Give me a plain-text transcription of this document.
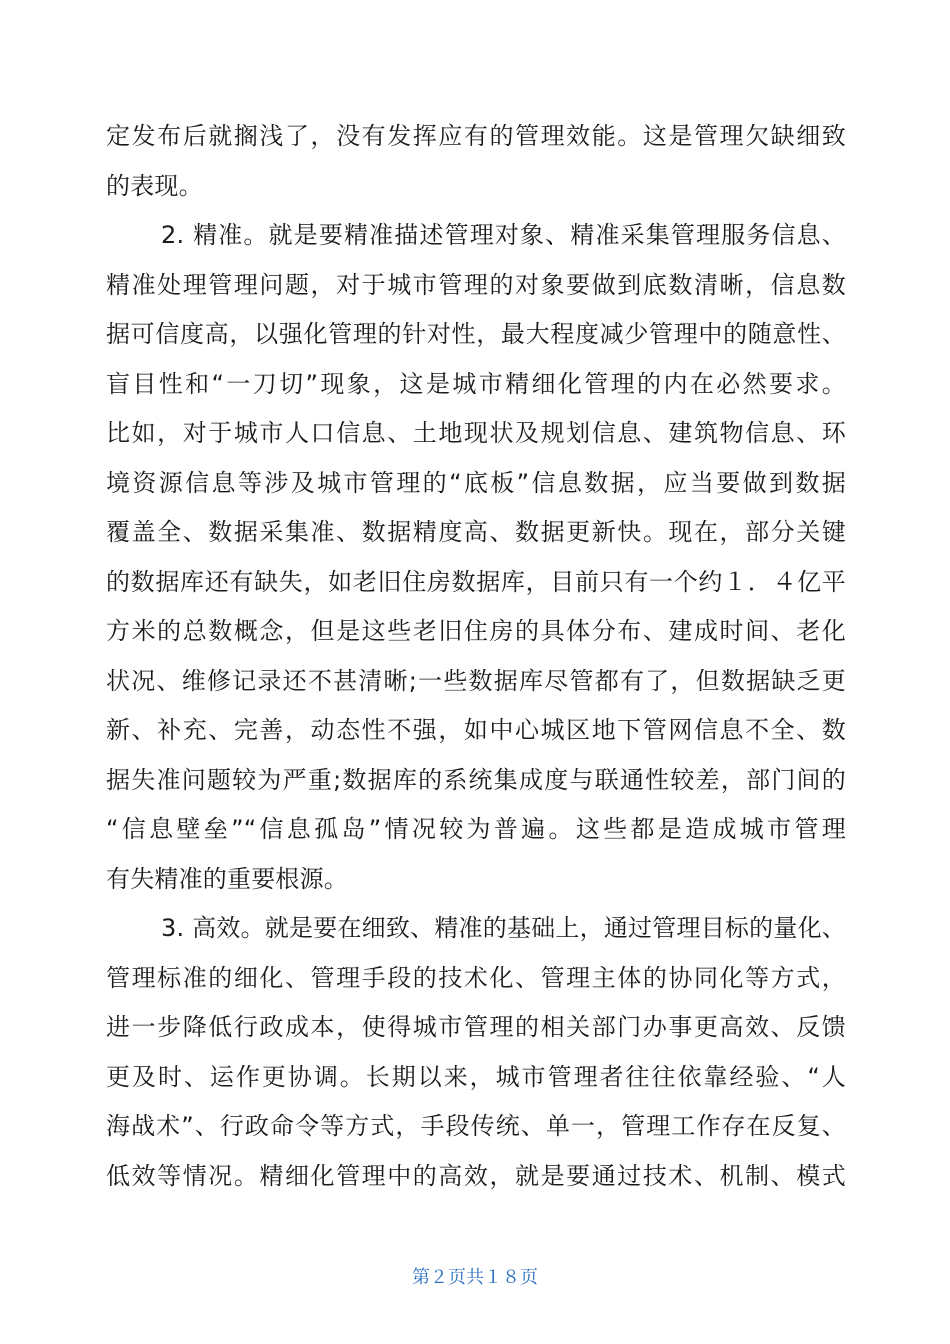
定发布后就搁浅了，没有发挥应有的管理效能。这是管理欠缺细致
的表现。
2. 精准。就是要精准描述管理对象、精准采集管理服务信息、
精准处理管理问题，对于城市管理的对象要做到底数清晰，信息数
据可信度高，以强化管理的针对性，最大程度减少管理中的随意性、
盲目性和“一刀切”现象，这是城市精细化管理的内在必然要求。
比如，对于城市人口信息、土地现状及规划信息、建筑物信息、环
境资源信息等涉及城市管理的“底板”信息数据，应当要做到数据
覆盖全、数据采集准、数据精度高、数据更新快。现在，部分关键
的数据库还有缺失，如老旧住房数据库，目前只有一个约１．４亿平
方米的总数概念，但是这些老旧住房的具体分布、建成时间、老化
状况、维修记录还不甚清晰;一些数据库尽管都有了，但数据缺乏更
新、补充、完善，动态性不强，如中心城区地下管网信息不全、数
据失准问题较为严重;数据库的系统集成度与联通性较差，部门间的
“信息壁垒”“信息孤岛”情况较为普遍。这些都是造成城市管理
有失精准的重要根源。
3. 高效。就是要在细致、精准的基础上，通过管理目标的量化、
管理标准的细化、管理手段的技术化、管理主体的协同化等方式，
进一步降低行政成本，使得城市管理的相关部门办事更高效、反馈
更及时、运作更协调。长期以来，城市管理者往往依靠经验、“人
海战术”、行政命令等方式，手段传统、单一，管理工作存在反复、
低效等情况。精细化管理中的高效，就是要通过技术、机制、模式
第２页共１８页
